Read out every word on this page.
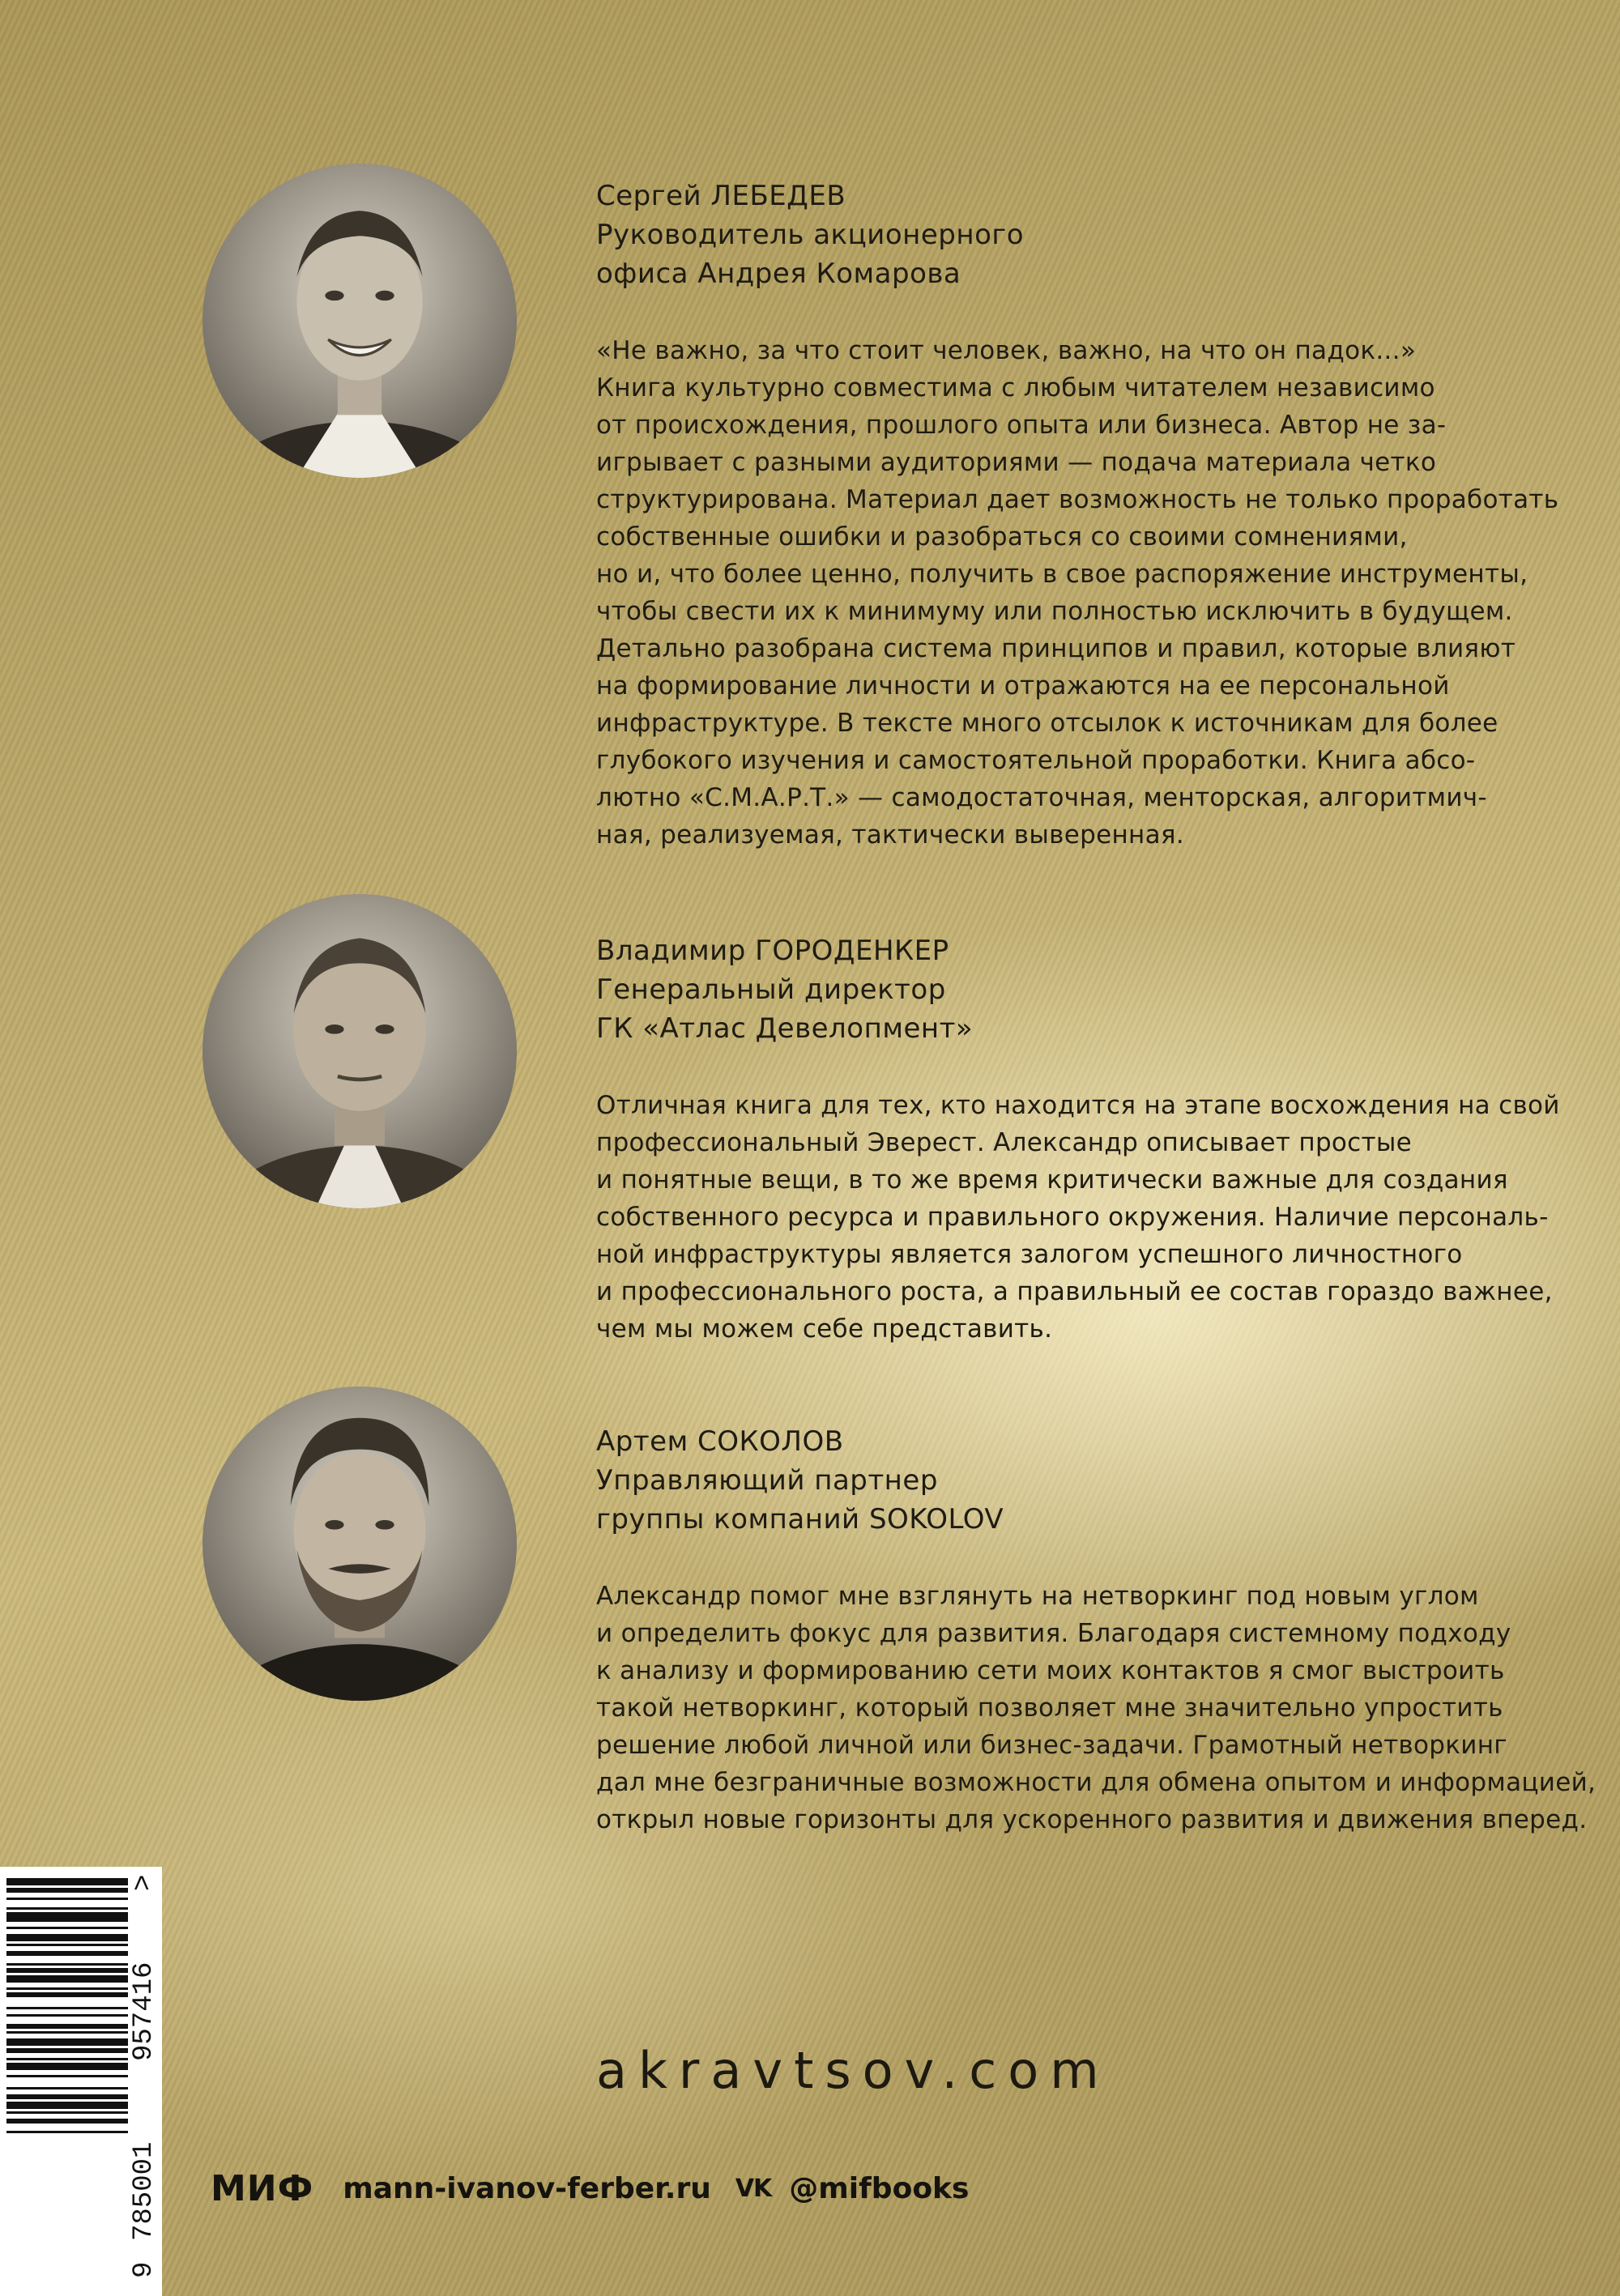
Сергей ЛЕБЕДЕВ

Руководитель акционерного

офиса Андрея Комарова

«Не важно, за что стоит человек, важно, на что он падок...»
Книга культурно совместима с любым читателем независимо
от происхождения, прошлого опыта или бизнеса. Автор не за-
игрывает с разными аудиториями — подача материала четко
структурирована. Материал дает возможность не только проработать
собственные ошибки и разобраться со своими сомнениями,
но и, что более ценно, получить в свое распоряжение инструменты,
чтобы свести их к минимуму или полностью исключить в будущем.
Детально разобрана система принципов и правил, которые влияют
на формирование личности и отражаются на ее персональной
инфраструктуре. В тексте много отсылок к источникам для более
глубокого изучения и самостоятельной проработки. Книга абсо-
лютно «С.М.А.Р.Т.» — самодостаточная, менторская, алгоритмич-
ная, реализуемая, тактически выверенная.

Владимир ГОРОДЕНКЕР

Генеральный директор

ГК «Атлас Девелопмент»

Отличная книга для тех, кто находится на этапе восхождения на свой
профессиональный Эверест. Александр описывает простые
и понятные вещи, в то же время критически важные для создания
собственного ресурса и правильного окружения. Наличие персональ-
ной инфраструктуры является залогом успешного личностного
и профессионального роста, а правильный ее состав гораздо важнее,
чем мы можем себе представить.

Артем СОКОЛОВ

Управляющий партнер

группы компаний SOKOLOV

Александр помог мне взглянуть на нетворкинг под новым углом
и определить фокус для развития. Благодаря системному подходу
к анализу и формированию сети моих контактов я смог выстроить
такой нетворкинг, который позволяет мне значительно упростить
решение любой личной или бизнес-задачи. Грамотный нетворкинг
дал мне безграничные возможности для обмена опытом и информацией,
открыл новые горизонты для ускоренного развития и движения вперед.
akravtsov.com
9
785001
957416
>
МИФ mann-ivanov-ferber.ru VK @mifbooks
